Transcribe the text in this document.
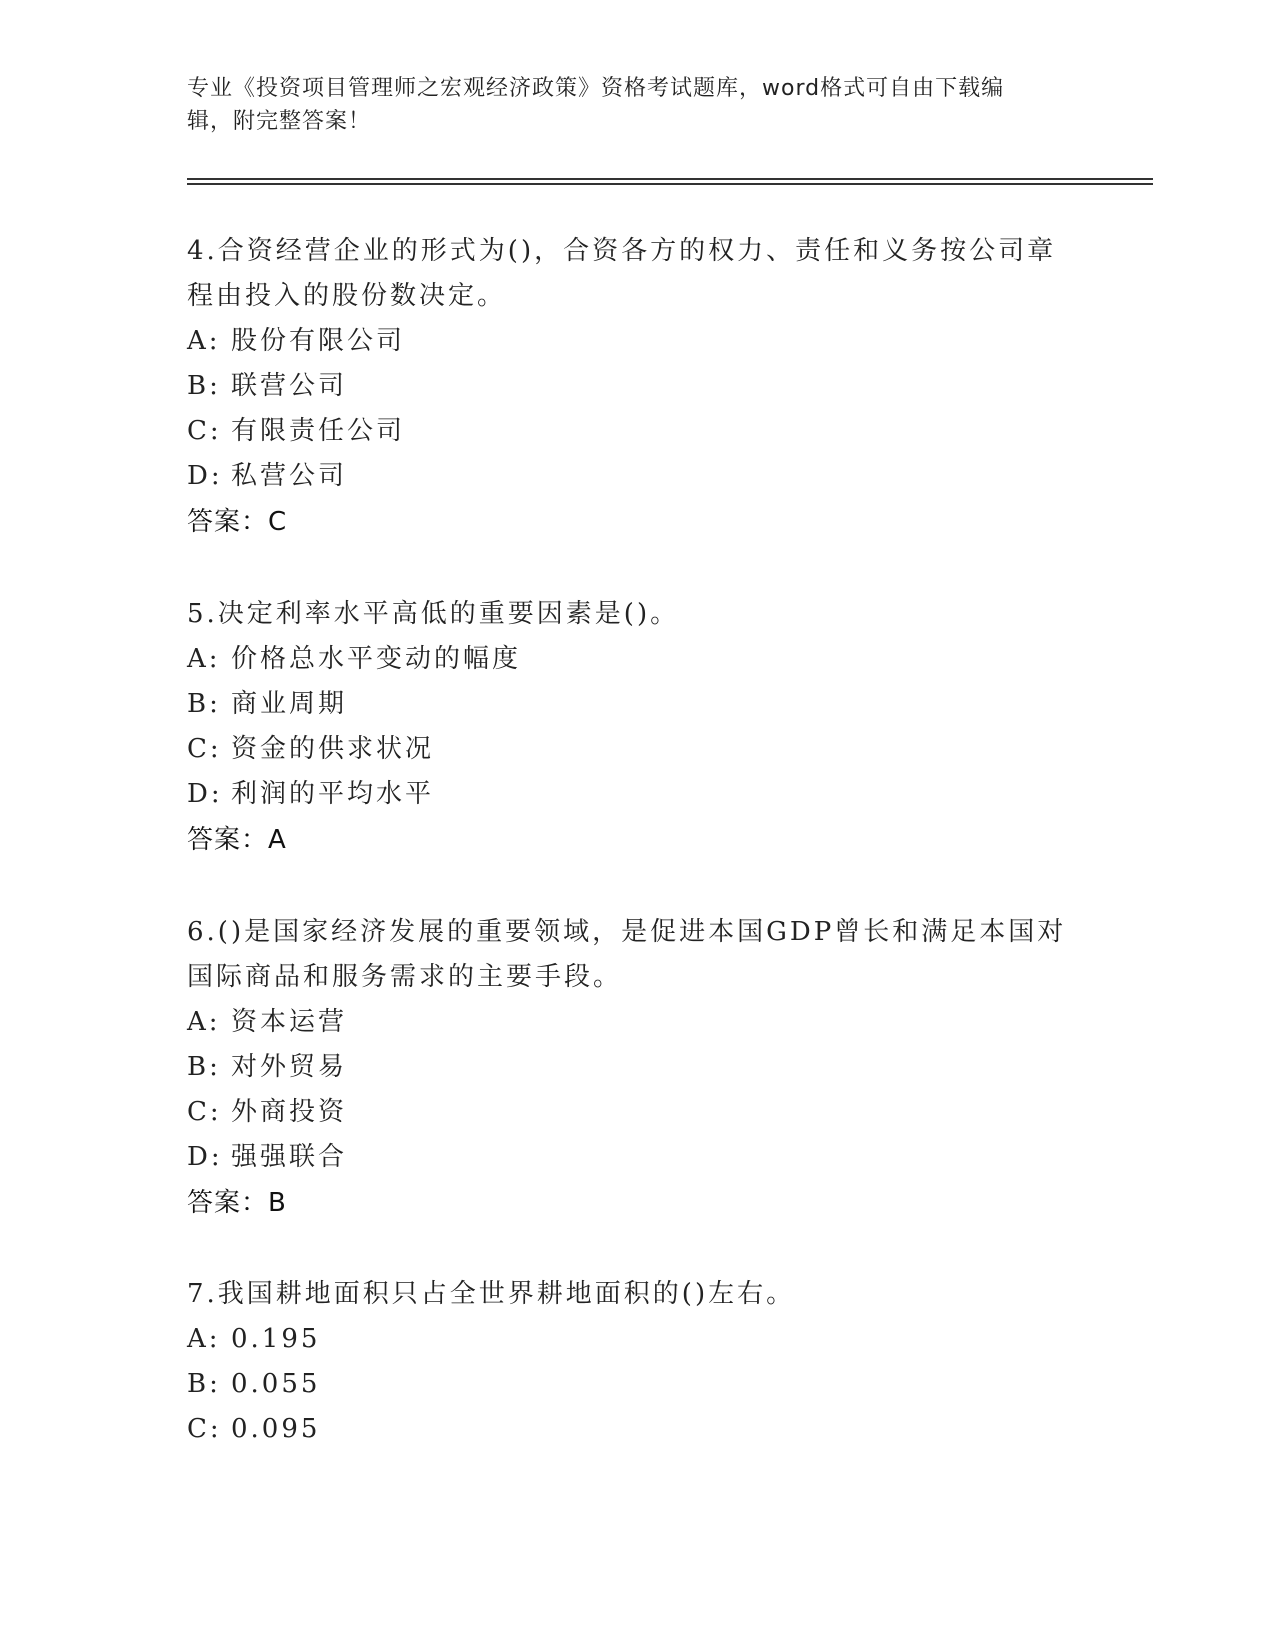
专业《投资项目管理师之宏观经济政策》资格考试题库，word格式可自由下载编
辑，附完整答案！
4.合资经营企业的形式为()，合资各方的权力、责任和义务按公司章
程由投入的股份数决定。
A: 股份有限公司
B: 联营公司
C: 有限责任公司
D: 私营公司
答案：C
5.决定利率水平高低的重要因素是()。
A: 价格总水平变动的幅度
B: 商业周期
C: 资金的供求状况
D: 利润的平均水平
答案：A
6.()是国家经济发展的重要领域，是促进本国GDP曾长和满足本国对
国际商品和服务需求的主要手段。
A: 资本运营
B: 对外贸易
C: 外商投资
D: 强强联合
答案：B
7.我国耕地面积只占全世界耕地面积的()左右。
A: 0.195
B: 0.055
C: 0.095
